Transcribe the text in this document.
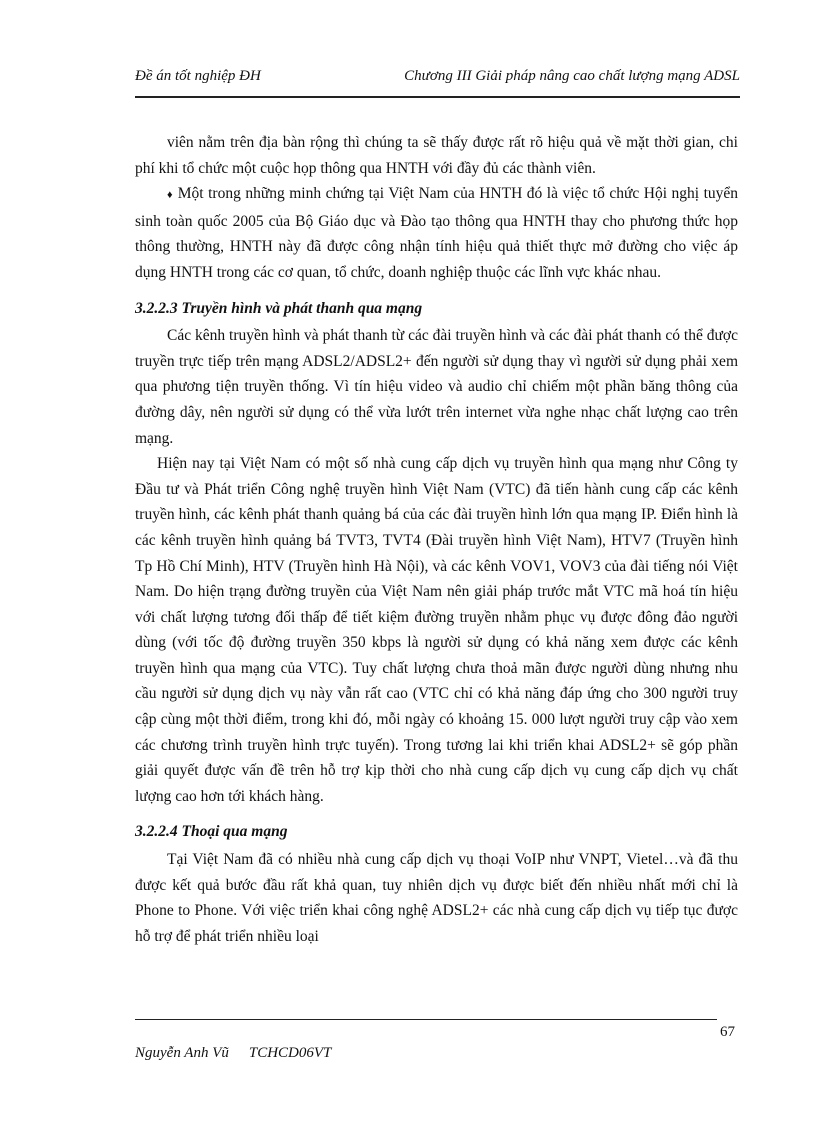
Đề án tốt nghiệp ĐH	Chương III Giải pháp nâng cao chất lượng mạng ADSL

viên nằm trên địa bàn rộng thì chúng ta sẽ thấy được rất rõ hiệu quả về mặt thời gian, chi phí khi tổ chức một cuộc họp thông qua HNTH với đầy đủ các thành viên.

♦ Một trong những minh chứng tại Việt Nam của HNTH đó là việc tổ chức Hội nghị tuyển sinh toàn quốc 2005 của Bộ Giáo dục và Đào tạo thông qua HNTH thay cho phương thức họp thông thường, HNTH này đã được công nhận tính hiệu quả thiết thực mở đường cho việc áp dụng HNTH trong các cơ quan, tổ chức, doanh nghiệp thuộc các lĩnh vực khác nhau.

3.2.2.3 Truyền hình và phát thanh qua mạng

Các kênh truyền hình và phát thanh từ các đài truyền hình và các đài phát thanh có thể được truyền trực tiếp trên mạng ADSL2/ADSL2+ đến người sử dụng thay vì người sử dụng phải xem qua phương tiện truyền thống. Vì tín hiệu video và audio chỉ chiếm một phần băng thông của đường dây, nên người sử dụng có thể vừa lướt trên internet vừa nghe nhạc chất lượng cao trên mạng.

Hiện nay tại Việt Nam có một số nhà cung cấp dịch vụ truyền hình qua mạng như Công ty Đầu tư và Phát triển Công nghệ truyền hình Việt Nam (VTC) đã tiến hành cung cấp các kênh truyền hình, các kênh phát thanh quảng bá của các đài truyền hình lớn qua mạng IP. Điển hình là các kênh truyền hình quảng bá TVT3, TVT4 (Đài truyền hình Việt Nam), HTV7 (Truyền hình Tp Hồ Chí Minh), HTV (Truyền hình Hà Nội), và các kênh VOV1, VOV3 của đài tiếng nói Việt Nam. Do hiện trạng đường truyền của Việt Nam nên giải pháp trước mắt VTC mã hoá tín hiệu với chất lượng tương đối thấp để tiết kiệm đường truyền nhằm phục vụ được đông đảo người dùng (với tốc độ đường truyền 350 kbps là người sử dụng có khả năng xem được các kênh truyền hình qua mạng của VTC). Tuy chất lượng chưa thoả mãn được người dùng nhưng nhu cầu người sử dụng dịch vụ này vẫn rất cao (VTC chỉ có khả năng đáp ứng cho 300 người truy cập cùng một thời điểm, trong khi đó, mỗi ngày có khoảng 15. 000 lượt người truy cập vào xem các chương trình truyền hình trực tuyến). Trong tương lai khi triển khai ADSL2+ sẽ góp phần giải quyết được vấn đề trên hỗ trợ kịp thời cho nhà cung cấp dịch vụ cung cấp dịch vụ chất lượng cao hơn tới khách hàng.

3.2.2.4 Thoại qua mạng

Tại Việt Nam đã có nhiều nhà cung cấp dịch vụ thoại VoIP như VNPT, Vietel…và đã thu được kết quả bước đầu rất khả quan, tuy nhiên dịch vụ được biết đến nhiều nhất mới chỉ là Phone to Phone. Với việc triển khai công nghệ ADSL2+ các nhà cung cấp dịch vụ tiếp tục được hỗ trợ để phát triển nhiều loại

67
Nguyễn Anh Vũ TCHCD06VT
